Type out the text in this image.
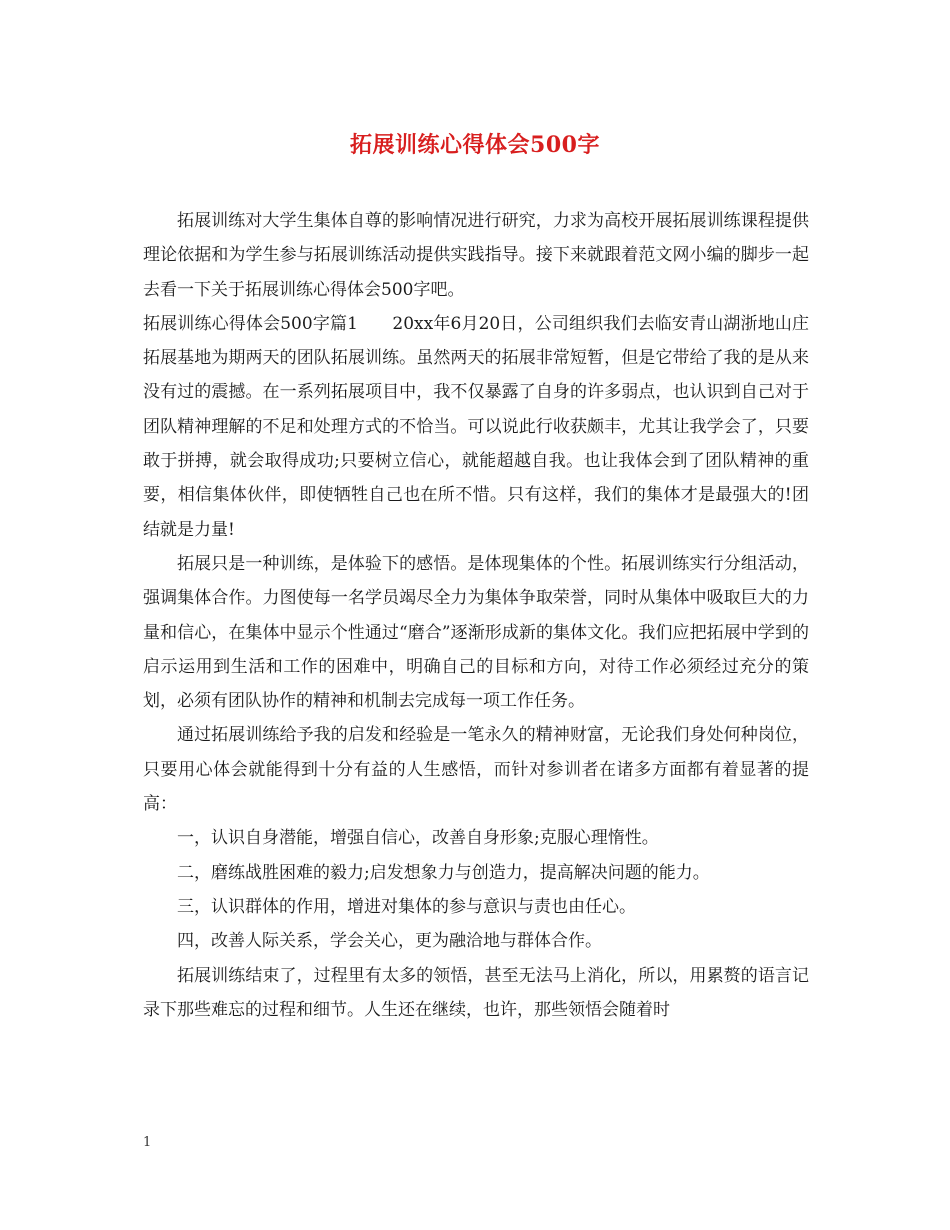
拓展训练心得体会500字

拓展训练对大学生集体自尊的影响情况进行研究，力求为高校开展拓展训练课程提供理论依据和为学生参与拓展训练活动提供实践指导。接下来就跟着范文网小编的脚步一起去看一下关于拓展训练心得体会500字吧。

拓展训练心得体会500字篇1　　20xx年6月20日，公司组织我们去临安青山湖浙地山庄拓展基地为期两天的团队拓展训练。虽然两天的拓展非常短暂，但是它带给了我的是从来没有过的震撼。在一系列拓展项目中，我不仅暴露了自身的许多弱点，也认识到自己对于团队精神理解的不足和处理方式的不恰当。可以说此行收获颇丰，尤其让我学会了，只要敢于拼搏，就会取得成功;只要树立信心，就能超越自我。也让我体会到了团队精神的重要，相信集体伙伴，即使牺牲自己也在所不惜。只有这样，我们的集体才是最强大的!团结就是力量!

拓展只是一种训练，是体验下的感悟。是体现集体的个性。拓展训练实行分组活动，强调集体合作。力图使每一名学员竭尽全力为集体争取荣誉，同时从集体中吸取巨大的力量和信心，在集体中显示个性通过“磨合”逐渐形成新的集体文化。我们应把拓展中学到的启示运用到生活和工作的困难中，明确自己的目标和方向，对待工作必须经过充分的策划，必须有团队协作的精神和机制去完成每一项工作任务。

通过拓展训练给予我的启发和经验是一笔永久的精神财富，无论我们身处何种岗位，只要用心体会就能得到十分有益的人生感悟，而针对参训者在诸多方面都有着显著的提高：

一，认识自身潜能，增强自信心，改善自身形象;克服心理惰性。

二，磨练战胜困难的毅力;启发想象力与创造力，提高解决问题的能力。

三，认识群体的作用，增进对集体的参与意识与责也由任心。

四，改善人际关系，学会关心，更为融洽地与群体合作。

拓展训练结束了，过程里有太多的领悟，甚至无法马上消化，所以，用累赘的语言记录下那些难忘的过程和细节。人生还在继续，也许，那些领悟会随着时

1
